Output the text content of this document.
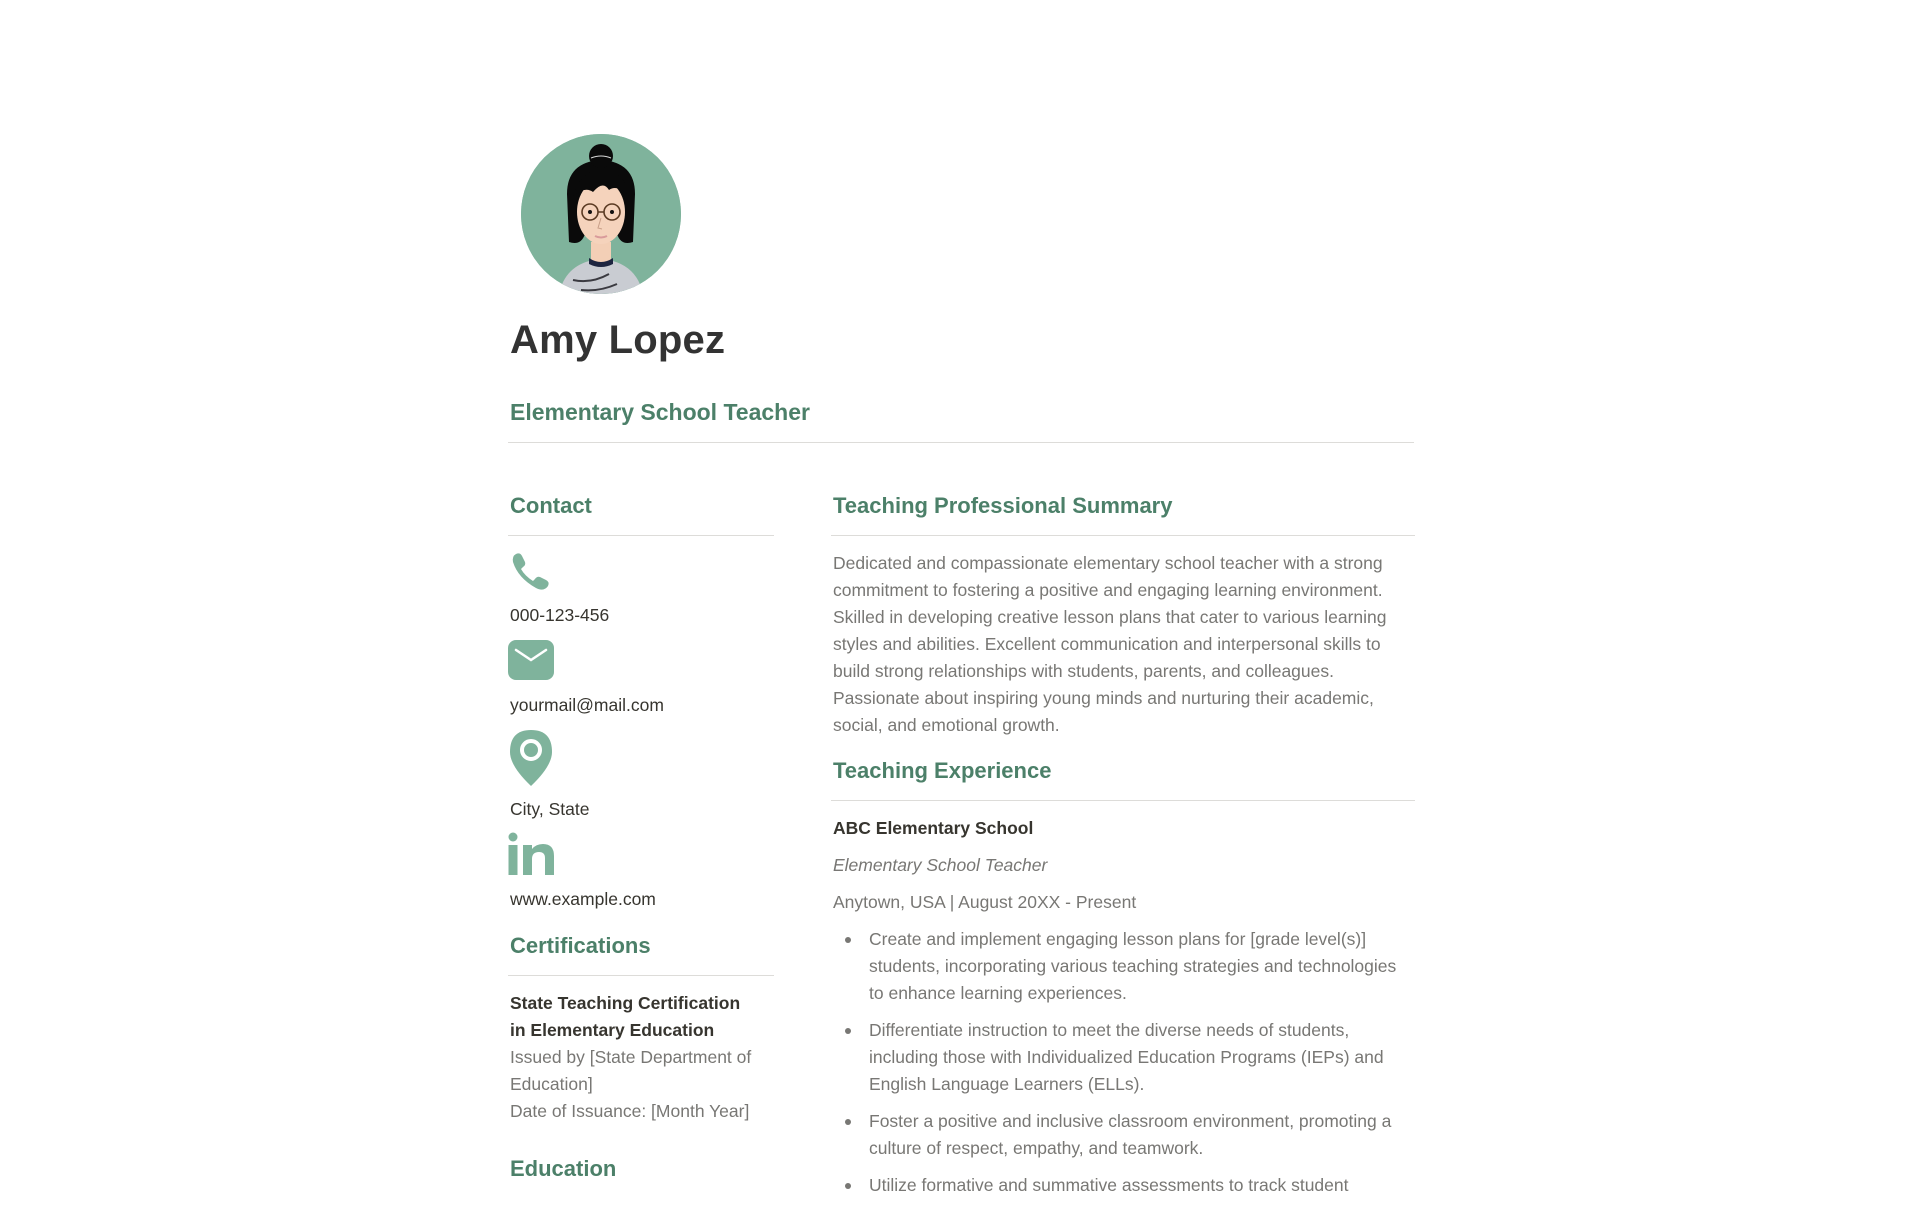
Amy Lopez
Elementary School Teacher
Contact
000-123-456
yourmail@mail.com
City, State
www.example.com
Certifications
State Teaching Certification in Elementary Education
Issued by [State Department of Education]
Date of Issuance: [Month Year]
Education
Teaching Professional Summary
Dedicated and compassionate elementary school teacher with a strong commitment to fostering a positive and engaging learning environment. Skilled in developing creative lesson plans that cater to various learning styles and abilities. Excellent communication and interpersonal skills to build strong relationships with students, parents, and colleagues. Passionate about inspiring young minds and nurturing their academic, social, and emotional growth.
Teaching Experience
ABC Elementary School
Elementary School Teacher
Anytown, USA | August 20XX - Present
Create and implement engaging lesson plans for [grade level(s)] students, incorporating various teaching strategies and technologies to enhance learning experiences.
Differentiate instruction to meet the diverse needs of students, including those with Individualized Education Programs (IEPs) and English Language Learners (ELLs).
Foster a positive and inclusive classroom environment, promoting a culture of respect, empathy, and teamwork.
Utilize formative and summative assessments to track student
